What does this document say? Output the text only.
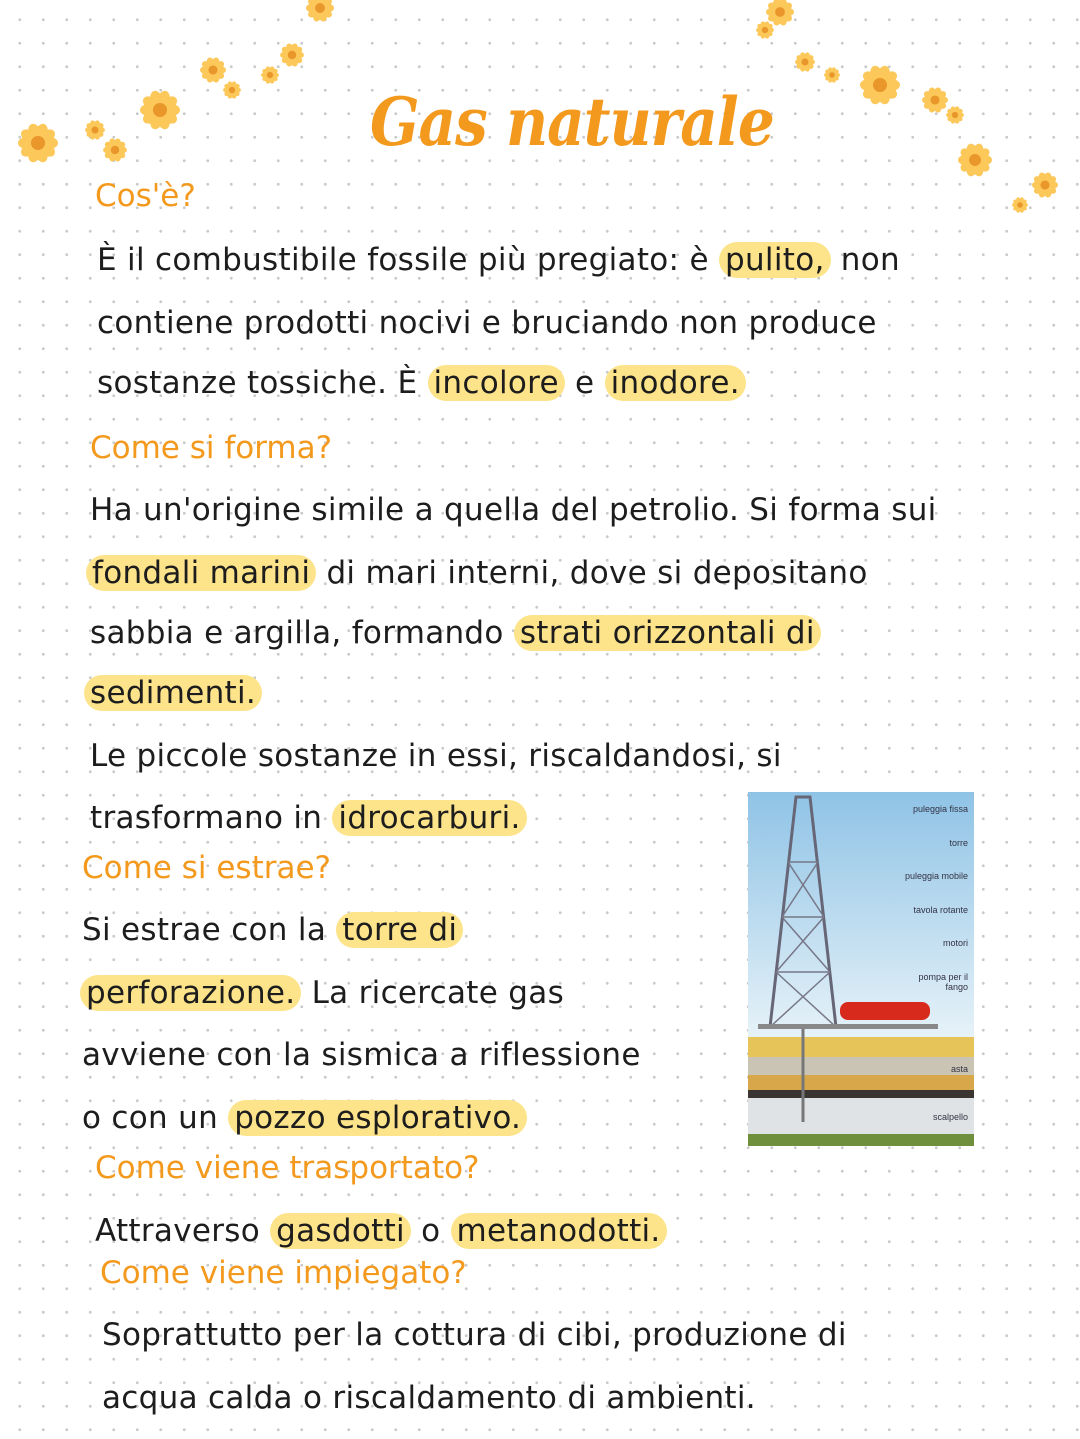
Gas naturale
Cos'è?
È il combustibile fossile più pregiato: è pulito, non
contiene prodotti nocivi e bruciando non produce
sostanze tossiche. È incolore e inodore.
Come si forma?
Ha un'origine simile a quella del petrolio. Si forma sui
fondali marini di mari interni, dove si depositano
sabbia e argilla, formando strati orizzontali di
sedimenti.
Le piccole sostanze in essi, riscaldandosi, si
trasformano in idrocarburi.
Come si estrae?
Si estrae con la torre di
perforazione. La ricercate gas
avviene con la sismica a riflessione
o con un pozzo esplorativo.
Come viene trasportato?
Attraverso gasdotti o metanodotti.
Come viene impiegato?
Soprattutto per la cottura di cibi, produzione di
acqua calda o riscaldamento di ambienti.
puleggia fissa
torre
puleggia mobile
tavola rotante
motori
pompa per il fango
asta
scalpello
